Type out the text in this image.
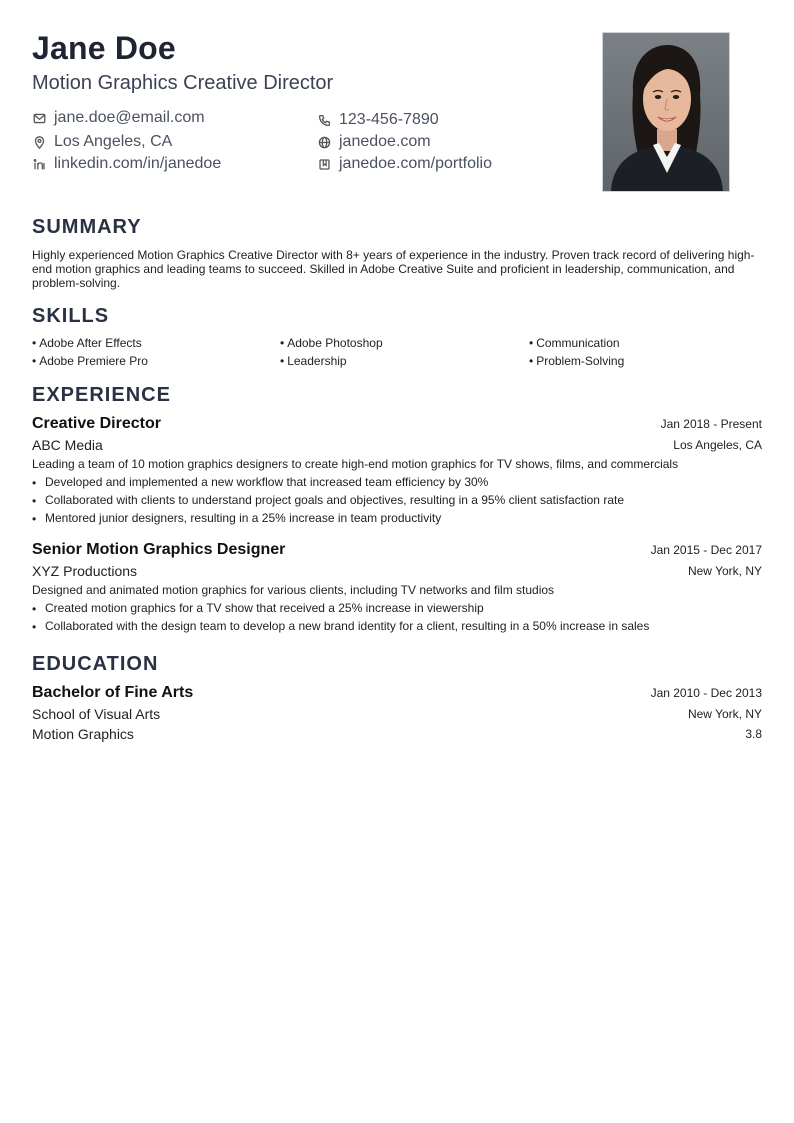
Jane Doe
Motion Graphics Creative Director
jane.doe@email.com	123-456-7890
Los Angeles, CA	janedoe.com
linkedin.com/in/janedoe	janedoe.com/portfolio
SUMMARY
Highly experienced Motion Graphics Creative Director with 8+ years of experience in the industry. Proven track record of delivering high-end motion graphics and leading teams to succeed. Skilled in Adobe Creative Suite and proficient in leadership, communication, and problem-solving.
SKILLS
• Adobe After Effects	• Adobe Photoshop	• Communication
• Adobe Premiere Pro	• Leadership	• Problem-Solving
EXPERIENCE
Creative Director	Jan 2018 - Present
ABC Media	Los Angeles, CA
Leading a team of 10 motion graphics designers to create high-end motion graphics for TV shows, films, and commercials
• Developed and implemented a new workflow that increased team efficiency by 30%
• Collaborated with clients to understand project goals and objectives, resulting in a 95% client satisfaction rate
• Mentored junior designers, resulting in a 25% increase in team productivity
Senior Motion Graphics Designer	Jan 2015 - Dec 2017
XYZ Productions	New York, NY
Designed and animated motion graphics for various clients, including TV networks and film studios
• Created motion graphics for a TV show that received a 25% increase in viewership
• Collaborated with the design team to develop a new brand identity for a client, resulting in a 50% increase in sales
EDUCATION
Bachelor of Fine Arts	Jan 2010 - Dec 2013
School of Visual Arts	New York, NY
Motion Graphics	3.8
